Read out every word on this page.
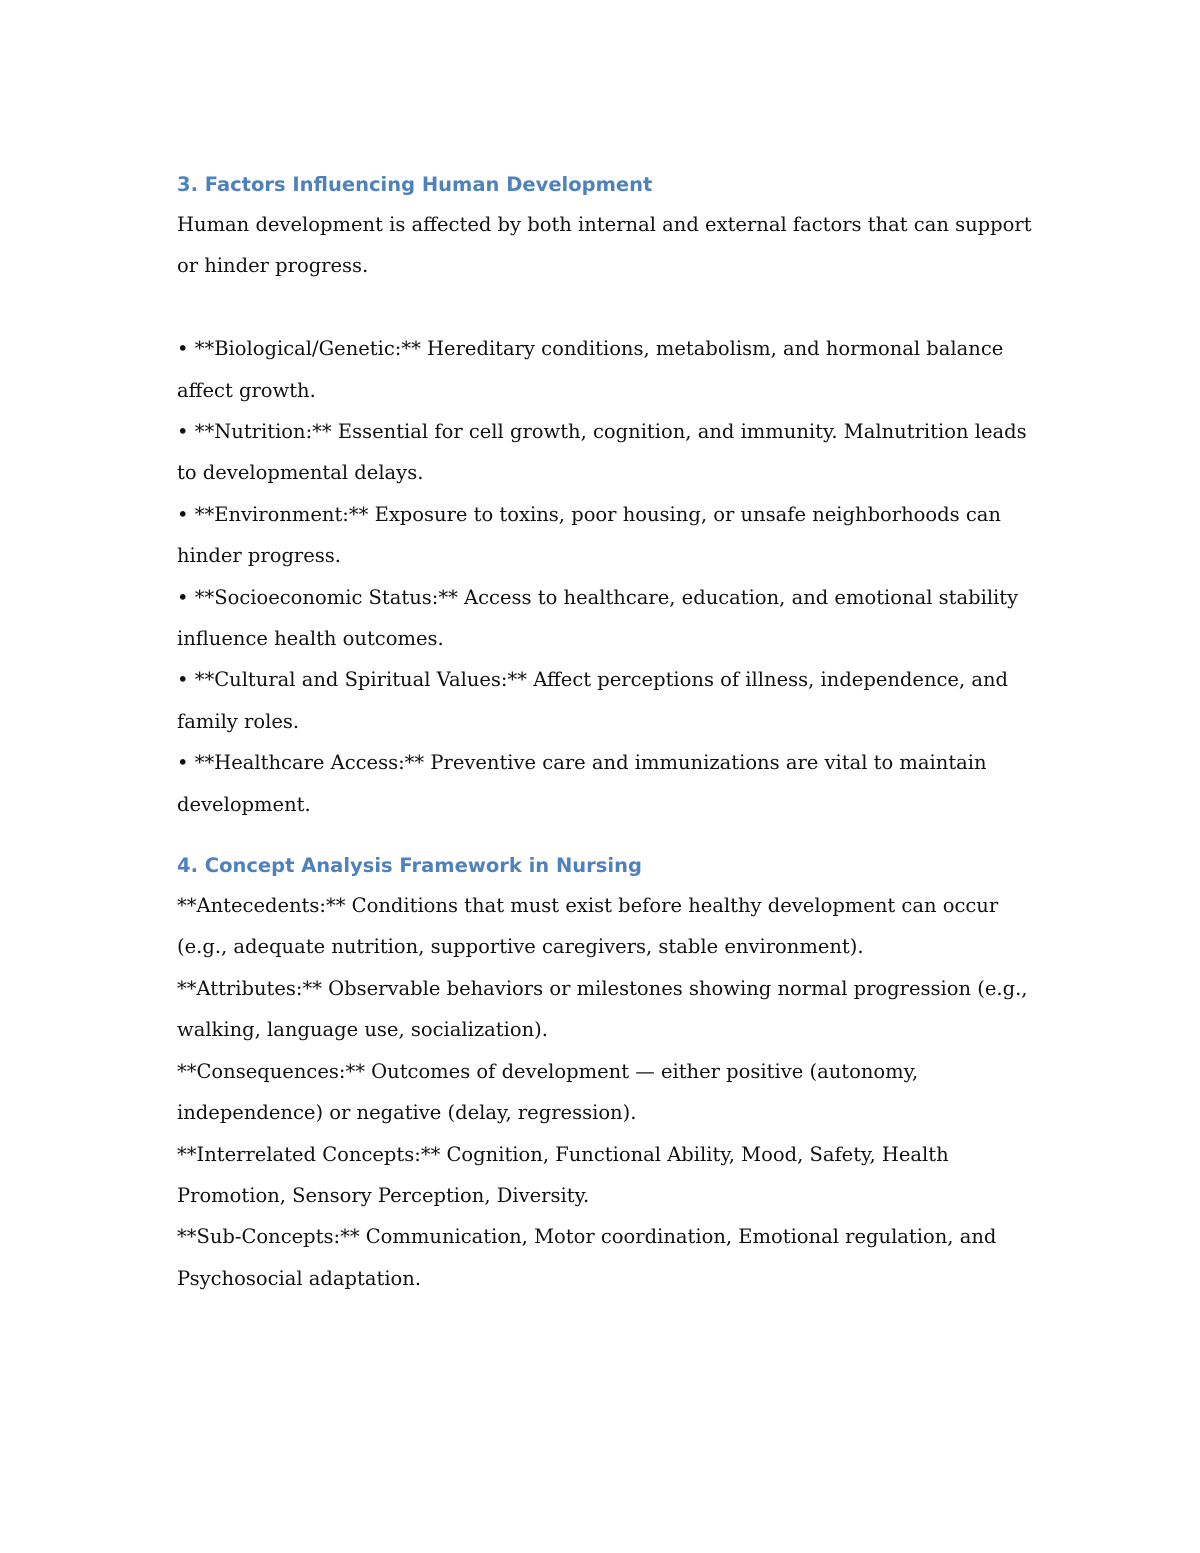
3. Factors Influencing Human Development

Human development is affected by both internal and external factors that can support or hinder progress.

• **Biological/Genetic:** Hereditary conditions, metabolism, and hormonal balance affect growth.

• **Nutrition:** Essential for cell growth, cognition, and immunity. Malnutrition leads to developmental delays.

• **Environment:** Exposure to toxins, poor housing, or unsafe neighborhoods can hinder progress.

• **Socioeconomic Status:** Access to healthcare, education, and emotional stability influence health outcomes.

• **Cultural and Spiritual Values:** Affect perceptions of illness, independence, and family roles.

• **Healthcare Access:** Preventive care and immunizations are vital to maintain development.

4. Concept Analysis Framework in Nursing

**Antecedents:** Conditions that must exist before healthy development can occur (e.g., adequate nutrition, supportive caregivers, stable environment).

**Attributes:** Observable behaviors or milestones showing normal progression (e.g., walking, language use, socialization).

**Consequences:** Outcomes of development — either positive (autonomy, independence) or negative (delay, regression).

**Interrelated Concepts:** Cognition, Functional Ability, Mood, Safety, Health Promotion, Sensory Perception, Diversity.

**Sub-Concepts:** Communication, Motor coordination, Emotional regulation, and Psychosocial adaptation.
